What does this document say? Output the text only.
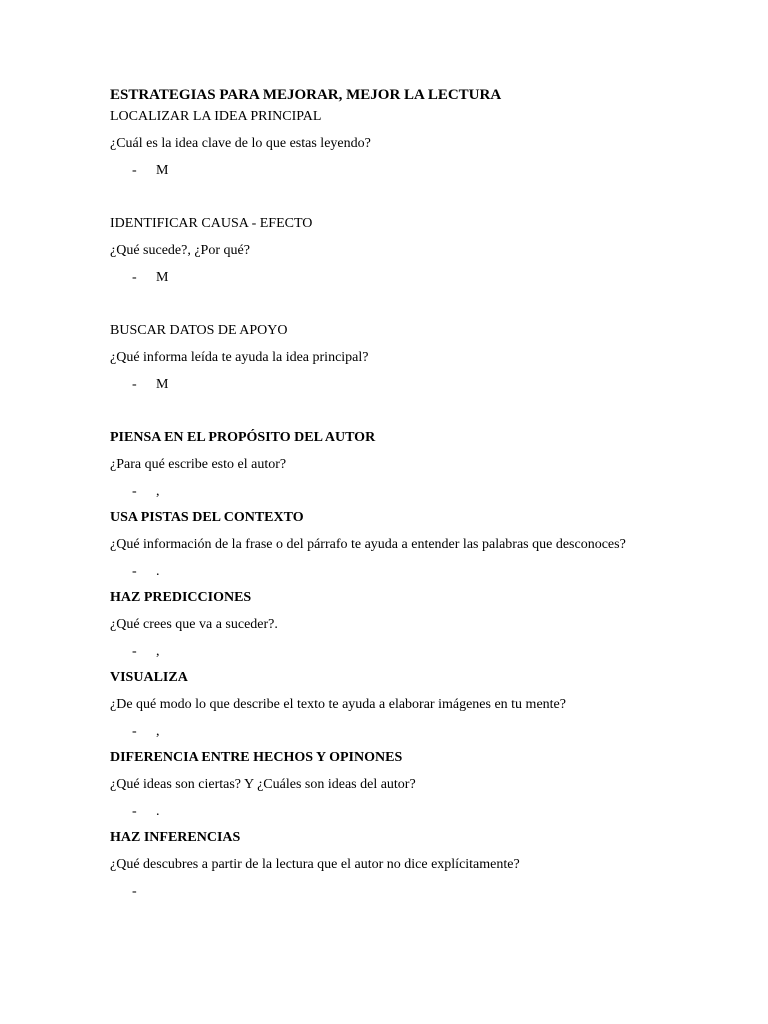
ESTRATEGIAS PARA MEJORAR, MEJOR LA LECTURA
LOCALIZAR LA IDEA PRINCIPAL
¿Cuál es la idea clave de lo que estas leyendo?
- M
IDENTIFICAR CAUSA - EFECTO
¿Qué sucede?, ¿Por qué?
- M
BUSCAR DATOS DE APOYO
¿Qué informa leída te ayuda la idea principal?
- M
PIENSA EN EL PROPÓSITO DEL AUTOR
¿Para qué escribe esto el autor?
- ,
USA PISTAS DEL CONTEXTO
¿Qué información de la frase o del párrafo te ayuda a entender las palabras que desconoces?
- .
HAZ PREDICCIONES
¿Qué crees que va a suceder?.
- ,
VISUALIZA
¿De qué modo lo que describe el texto te ayuda a elaborar imágenes en tu mente?
- ,
DIFERENCIA ENTRE HECHOS Y OPINONES
¿Qué ideas son ciertas? Y ¿Cuáles son ideas del autor?
- .
HAZ INFERENCIAS
¿Qué descubres a partir de la lectura que el autor no dice explícitamente?
-
